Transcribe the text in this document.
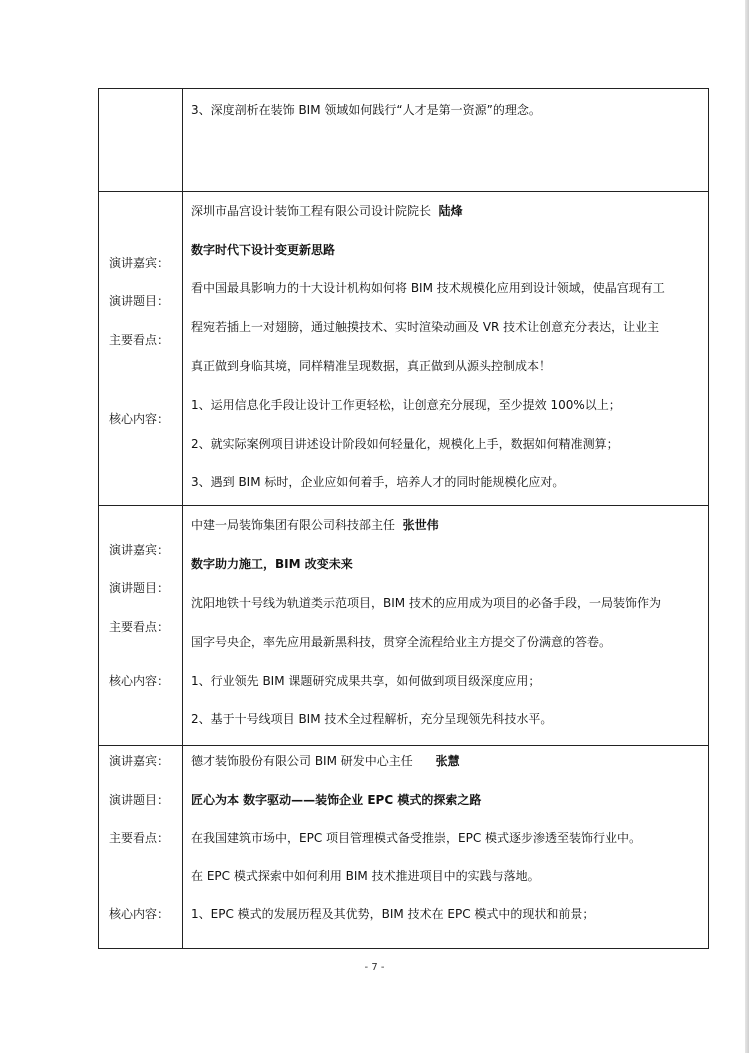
3、深度剖析在装饰 BIM 领域如何践行“人才是第一资源”的理念。
演讲嘉宾：
演讲题目：
主要看点：
核心内容：
深圳市晶宫设计装饰工程有限公司设计院院长 陆烽
数字时代下设计变更新思路
看中国最具影响力的十大设计机构如何将 BIM 技术规模化应用到设计领域，使晶宫现有工
程宛若插上一对翅膀，通过触摸技术、实时渲染动画及 VR 技术让创意充分表达，让业主
真正做到身临其境，同样精准呈现数据，真正做到从源头控制成本！
1、运用信息化手段让设计工作更轻松，让创意充分展现，至少提效 100%以上；
2、就实际案例项目讲述设计阶段如何轻量化，规模化上手，数据如何精准测算；
3、遇到 BIM 标时，企业应如何着手，培养人才的同时能规模化应对。
演讲嘉宾：
演讲题目：
主要看点：
核心内容：
中建一局装饰集团有限公司科技部主任 张世伟
数字助力施工，BIM 改变未来
沈阳地铁十号线为轨道类示范项目，BIM 技术的应用成为项目的必备手段，一局装饰作为
国字号央企，率先应用最新黑科技，贯穿全流程给业主方提交了份满意的答卷。
1、行业领先 BIM 课题研究成果共享，如何做到项目级深度应用；
2、基于十号线项目 BIM 技术全过程解析，充分呈现领先科技水平。
演讲嘉宾：
演讲题目：
主要看点：
核心内容：
德才装饰股份有限公司 BIM 研发中心主任 张慧
匠心为本 数字驱动——装饰企业 EPC 模式的探索之路
在我国建筑市场中，EPC 项目管理模式备受推崇，EPC 模式逐步渗透至装饰行业中。
在 EPC 模式探索中如何利用 BIM 技术推进项目中的实践与落地。
1、EPC 模式的发展历程及其优势，BIM 技术在 EPC 模式中的现状和前景；
- 7 -
